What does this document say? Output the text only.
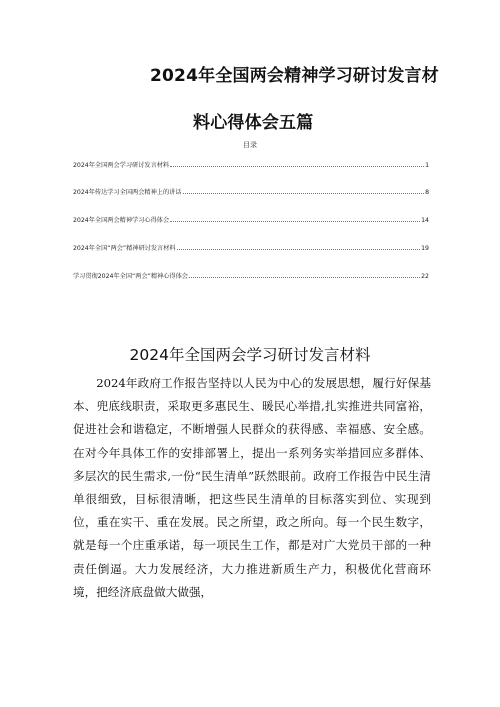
2024年全国两会精神学习研讨发言材
料心得体会五篇
目录
2024年全国两会学习研讨发言材料	1
2024年传达学习全国两会精神上的讲话	8
2024年全国两会精神学习心得体会	14
2024年全国“两会”精神研讨发言材料	19
学习贯彻2024年全国“两会”精神心得体会	22
2024年全国两会学习研讨发言材料

2024年政府工作报告坚持以人民为中心的发展思想，履行好保基本、兜底线职责，采取更多惠民生、暖民心举措,扎实推进共同富裕，促进社会和谐稳定，不断增强人民群众的获得感、幸福感、安全感。在对今年具体工作的安排部署上，提出一系列务实举措回应多群体、多层次的民生需求,一份“民生清单”跃然眼前。政府工作报告中民生清单很细致，目标很清晰，把这些民生清单的目标落实到位、实现到位，重在实干、重在发展。民之所望，政之所向。每一个民生数字，就是每一个庄重承诺，每一项民生工作，都是对广大党员干部的一种责任倒逼。大力发展经济，大力推进新质生产力，积极优化营商环境，把经济底盘做大做强，
